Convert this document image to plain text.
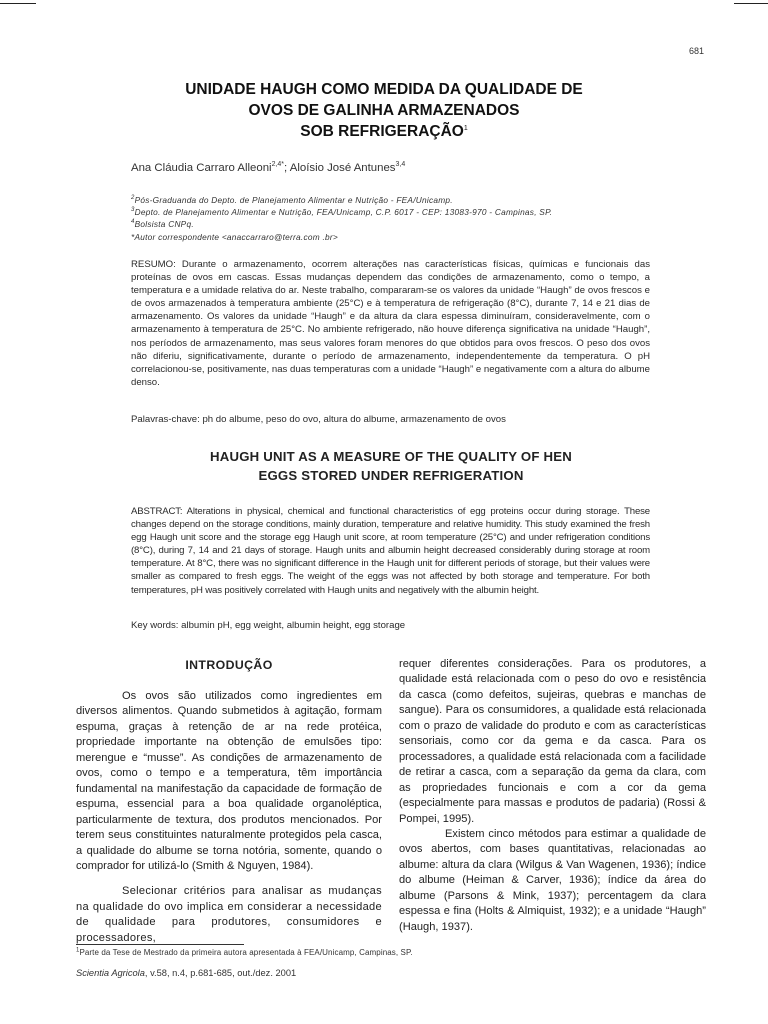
681
UNIDADE HAUGH COMO MEDIDA DA QUALIDADE DE
OVOS DE GALINHA ARMAZENADOS
SOB REFRIGERAÇÃO$^1$
Ana Cláudia Carraro Alleoni$^{2,4*}$; Aloísio José Antunes$^{3,4}$
$^2$Pós-Graduanda do Depto. de Planejamento Alimentar e Nutrição - FEA/Unicamp.
$^3$Depto. de Planejamento Alimentar e Nutrição, FEA/Unicamp, C.P. 6017 - CEP: 13083-970 - Campinas, SP.
$^4$Bolsista CNPq.
*Autor correspondente <anaccarraro@terra.com .br>

RESUMO: Durante o armazenamento, ocorrem alterações nas características físicas, químicas e funcionais das proteínas de ovos em cascas. Essas mudanças dependem das condições de armazenamento, como o tempo, a temperatura e a umidade relativa do ar. Neste trabalho, compararam-se os valores da unidade “Haugh” de ovos frescos e de ovos armazenados à temperatura ambiente (25°C) e à temperatura de refrigeração (8°C), durante 7, 14 e 21 dias de armazenamento. Os valores da unidade “Haugh” e da altura da clara espessa diminuíram, consideravelmente, com o armazenamento à temperatura de 25°C. No ambiente refrigerado, não houve diferença significativa na unidade “Haugh”, nos períodos de armazenamento, mas seus valores foram menores do que obtidos para ovos frescos. O peso dos ovos não diferiu, significativamente, durante o período de armazenamento, independentemente da temperatura. O pH correlacionou-se, positivamente, nas duas temperaturas com a unidade “Haugh” e negativamente com a altura do albume denso.

Palavras-chave: ph do albume, peso do ovo, altura do albume, armazenamento de ovos

HAUGH UNIT AS A MEASURE OF THE QUALITY OF HEN
EGGS STORED UNDER REFRIGERATION

ABSTRACT: Alterations in physical, chemical and functional characteristics of egg proteins occur during storage. These changes depend on the storage conditions, mainly duration, temperature and relative humidity. This study examined the fresh egg Haugh unit score and the storage egg Haugh unit score, at room temperature (25°C) and under refrigeration conditions (8°C), during 7, 14 and 21 days of storage. Haugh units and albumin height decreased considerably during storage at room temperature. At 8°C, there was no significant difference in the Haugh unit for different periods of storage, but their values were smaller as compared to fresh eggs. The weight of the eggs was not affected by both storage and temperature. For both temperatures, pH was positively correlated with Haugh units and negatively with the albumin height.

Key words: albumin pH, egg weight, albumin height, egg storage

INTRODUÇÃO

Os ovos são utilizados como ingredientes em diversos alimentos. Quando submetidos à agitação, formam espuma, graças à retenção de ar na rede protéica, propriedade importante na obtenção de emulsões tipo: merengue e “musse”. As condições de armazenamento de ovos, como o tempo e a temperatura, têm importância fundamental na manifestação da capacidade de formação de espuma, essencial para a boa qualidade organoléptica, particularmente de textura, dos produtos mencionados. Por terem seus constituintes naturalmente protegidos pela casca, a qualidade do albume se torna notória, somente, quando o comprador for utilizá-lo (Smith & Nguyen, 1984).

Selecionar critérios para analisar as mudanças na qualidade do ovo implica em considerar a necessidade de qualidade para produtores, consumidores e processadores,

requer diferentes considerações. Para os produtores, a qualidade está relacionada com o peso do ovo e resistência da casca (como defeitos, sujeiras, quebras e manchas de sangue). Para os consumidores, a qualidade está relacionada com o prazo de validade do produto e com as características sensoriais, como cor da gema e da casca. Para os processadores, a qualidade está relacionada com a facilidade de retirar a casca, com a separação da gema da clara, com as propriedades funcionais e com a cor da gema (especialmente para massas e produtos de padaria) (Rossi & Pompei, 1995).

Existem cinco métodos para estimar a qualidade de ovos abertos, com bases quantitativas, relacionadas ao albume: altura da clara (Wilgus & Van Wagenen, 1936); índice do albume (Heiman & Carver, 1936); índice da área do albume (Parsons & Mink, 1937); percentagem da clara espessa e fina (Holts & Almiquist, 1932); e a unidade “Haugh” (Haugh, 1937).

$^1$Parte da Tese de Mestrado da primeira autora apresentada à FEA/Unicamp, Campinas, SP.
Scientia Agricola, v.58, n.4, p.681-685, out./dez. 2001
